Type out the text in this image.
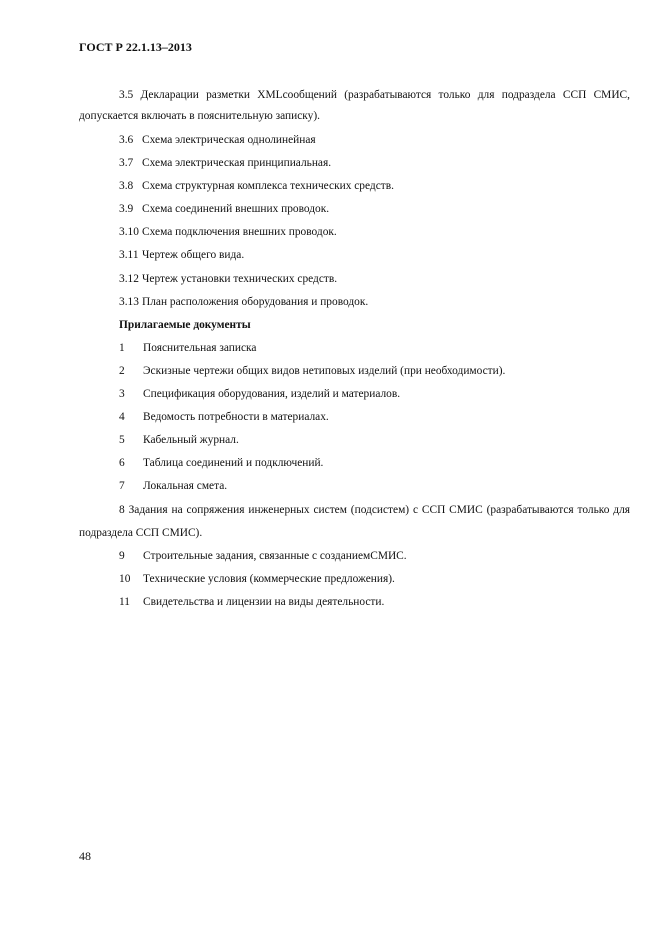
ГОСТ Р 22.1.13–2013

3.5 Декларации разметки XMLсообщений (разрабатываются только для подраздела ССП СМИС, допускается включать в пояснительную записку).

3.6 Схема электрическая однолинейная
3.7 Схема электрическая принципиальная.
3.8 Схема структурная комплекса технических средств.
3.9 Схема соединений внешних проводок.
3.10 Схема подключения внешних проводок.
3.11 Чертеж общего вида.
3.12 Чертеж установки технических средств.
3.13 План расположения оборудования и проводок.
Прилагаемые документы
1 Пояснительная записка
2 Эскизные чертежи общих видов нетиповых изделий (при необходимости).
3 Спецификация оборудования, изделий и материалов.
4 Ведомость потребности в материалах.
5 Кабельный журнал.
6 Таблица соединений и подключений.
7 Локальная смета.

8 Задания на сопряжения инженерных систем (подсистем) с ССП СМИС (разрабатываются только для подраздела ССП СМИС).

9 Строительные задания, связанные с созданиемСМИС.
10 Технические условия (коммерческие предложения).
11 Свидетельства и лицензии на виды деятельности.
48
